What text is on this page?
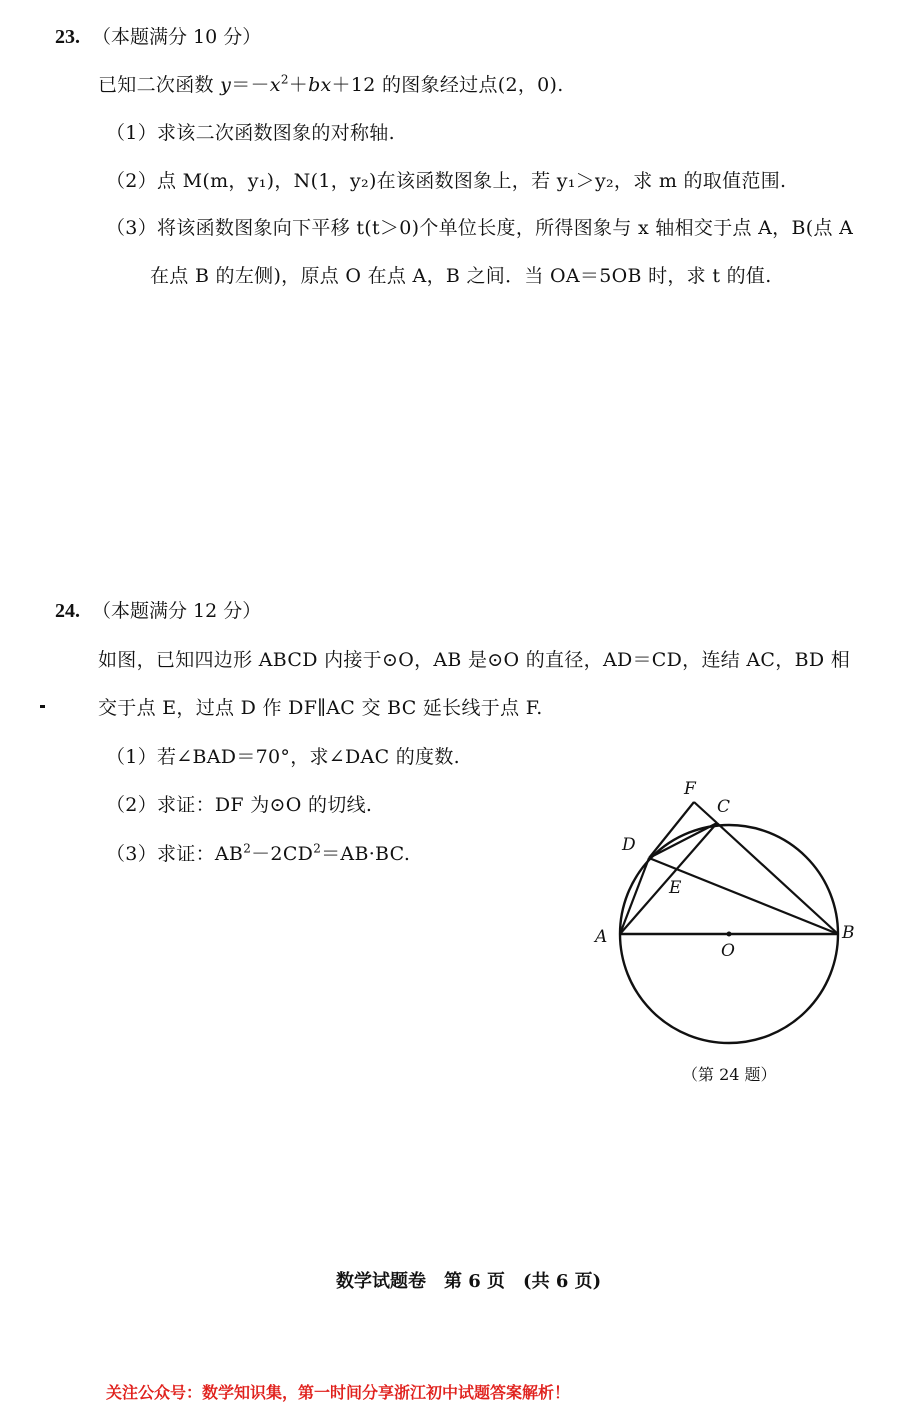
23. （本题满分 10 分）
已知二次函数 $y=-x^2+bx+12$ 的图象经过点(2，0).
（1）求该二次函数图象的对称轴.
（2）点 M(m，y₁)，N(1，y₂)在该函数图象上，若 y₁＞y₂，求 m 的取值范围.
（3）将该函数图象向下平移 t(t＞0)个单位长度，所得图象与 x 轴相交于点 A，B(点 A
在点 B 的左侧)，原点 O 在点 A，B 之间．当 OA＝5OB 时，求 t 的值.
24. （本题满分 12 分）
如图，已知四边形 ABCD 内接于⊙O，AB 是⊙O 的直径，AD＝CD，连结 AC，BD 相
交于点 E，过点 D 作 DF∥AC 交 BC 延长线于点 F.
（1）若∠BAD＝70°，求∠DAC 的度数.
（2）求证：DF 为⊙O 的切线.
（3）求证：$AB^2-2CD^2=AB\cdot BC$.
F
C
D
E
A	B
O
（第 24 题）
数学试题卷　第 6 页　(共 6 页)
关注公众号：数学知识集，第一时间分享浙江初中试题答案解析！
